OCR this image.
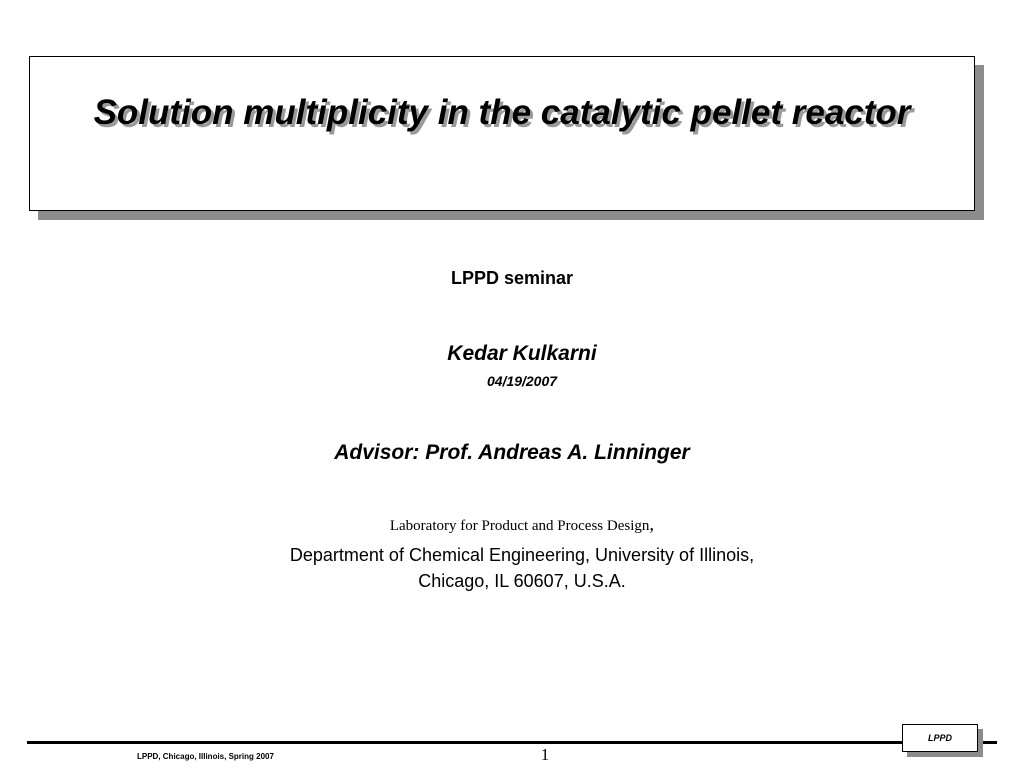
Solution multiplicity in the catalytic pellet reactor
LPPD seminar
Kedar Kulkarni
04/19/2007
Advisor: Prof. Andreas A. Linninger
Laboratory for Product and Process Design,
Department of Chemical Engineering, University of Illinois,
Chicago, IL 60607, U.S.A.
LPPD, Chicago, Illinois, Spring 2007	1
LPPD
